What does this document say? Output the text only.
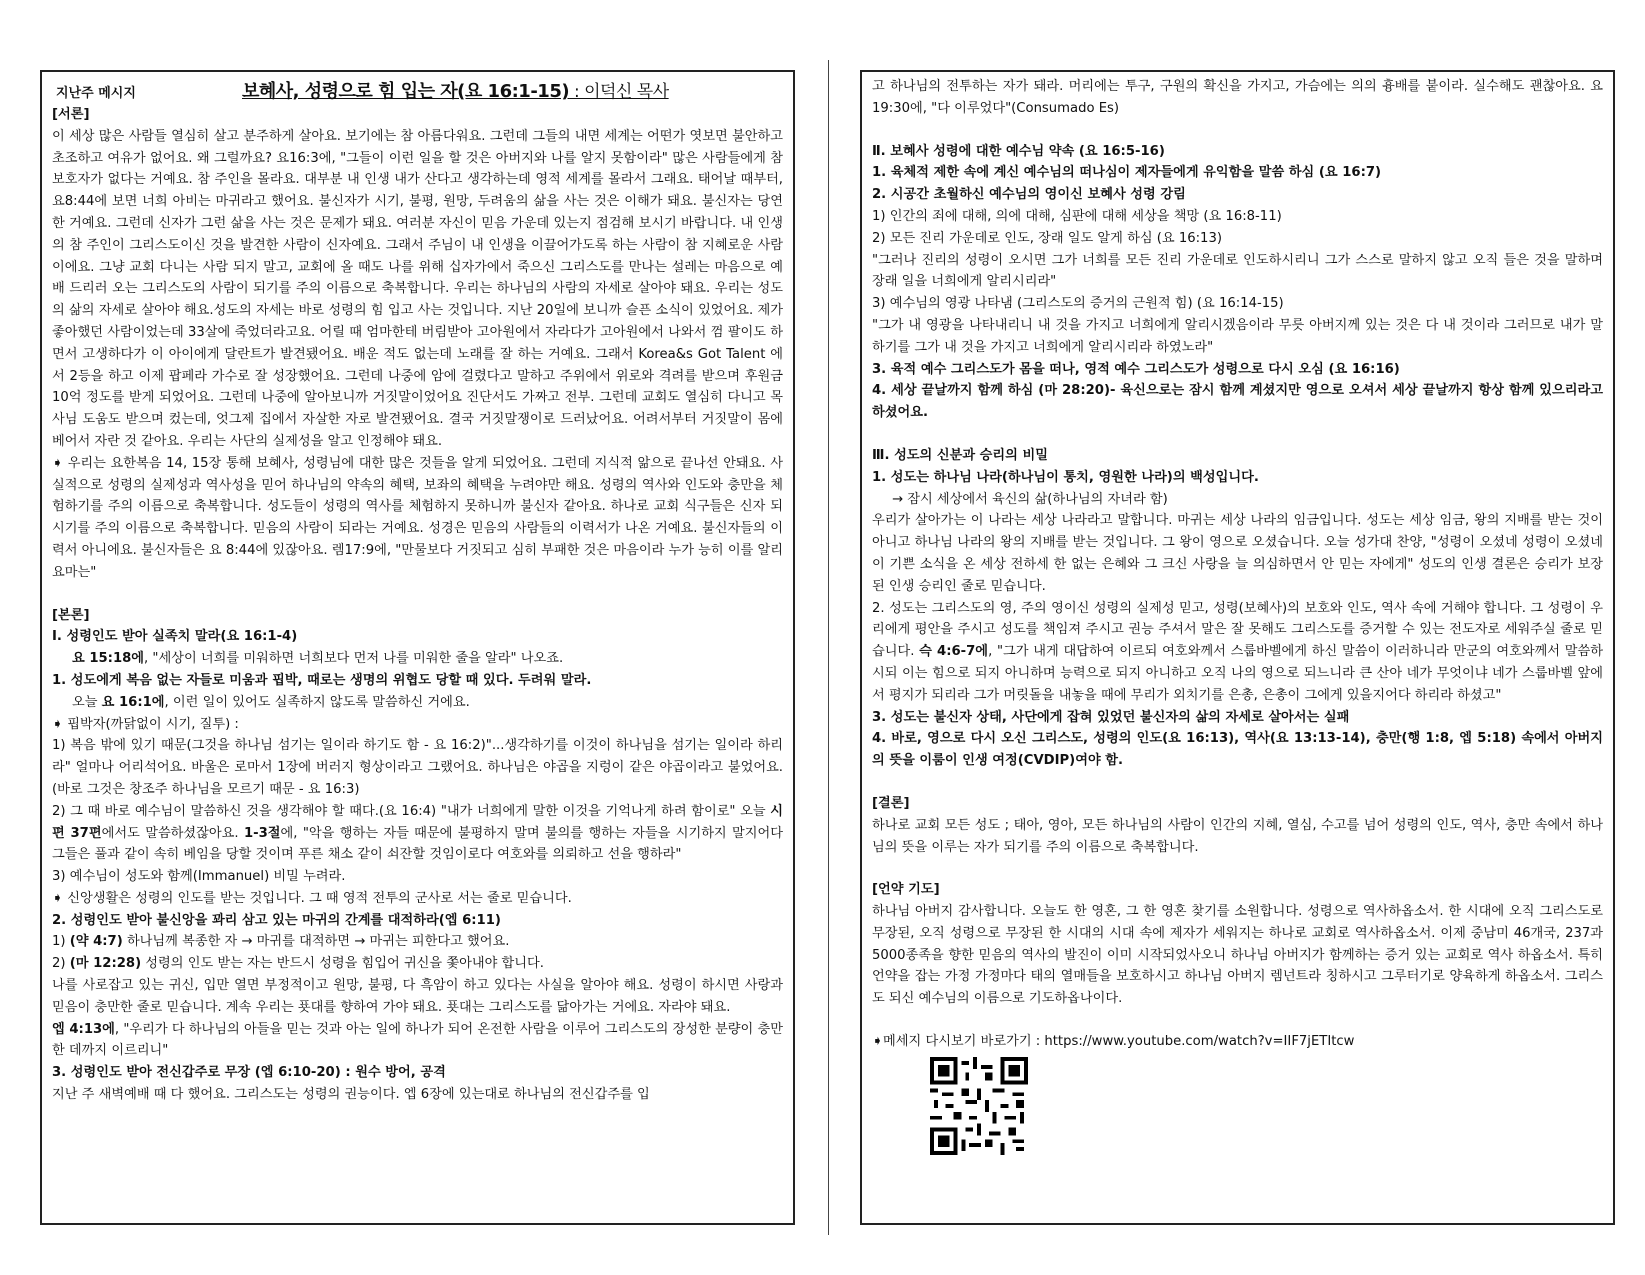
지난주 메시지	보혜사, 성령으로 힘 입는 자(요 16:1-15) : 이덕신 목사
[서론]
이 세상 많은 사람들 열심히 살고 분주하게 살아요. 보기에는 참 아름다워요. 그런데 그들의 내면 세계는 어떤가 엿보면 불안하고 초조하고 여유가 없어요. 왜 그럴까요? 요16:3에, "그들이 이런 일을 할 것은 아버지와 나를 알지 못함이라" 많은 사람들에게 참 보호자가 없다는 거예요. 참 주인을 몰라요. 대부분 내 인생 내가 산다고 생각하는데 영적 세계를 몰라서 그래요. 태어날 때부터, 요8:44에 보면 너희 아비는 마귀라고 했어요. 불신자가 시기, 불평, 원망, 두려움의 삶을 사는 것은 이해가 돼요. 불신자는 당연한 거예요. 그런데 신자가 그런 삶을 사는 것은 문제가 돼요. 여러분 자신이 믿음 가운데 있는지 점검해 보시기 바랍니다. 내 인생의 참 주인이 그리스도이신 것을 발견한 사람이 신자예요. 그래서 주님이 내 인생을 이끌어가도록 하는 사람이 참 지혜로운 사람이에요. 그냥 교회 다니는 사람 되지 말고, 교회에 올 때도 나를 위해 십자가에서 죽으신 그리스도를 만나는 설레는 마음으로 예배 드리러 오는 그리스도의 사람이 되기를 주의 이름으로 축복합니다. 우리는 하나님의 사람의 자세로 살아야 돼요. 우리는 성도의 삶의 자세로 살아야 해요.성도의 자세는 바로 성령의 힘 입고 사는 것입니다. 지난 20일에 보니까 슬픈 소식이 있었어요. 제가 좋아했던 사람이었는데 33살에 죽었더라고요. 어릴 때 엄마한테 버림받아 고아원에서 자라다가 고아원에서 나와서 껌 팔이도 하면서 고생하다가 이 아이에게 달란트가 발견됐어요. 배운 적도 없는데 노래를 잘 하는 거예요. 그래서 Korea&s Got Talent 에서 2등을 하고 이제 팝페라 가수로 잘 성장했어요. 그런데 나중에 암에 걸렸다고 말하고 주위에서 위로와 격려를 받으며 후원금 10억 정도를 받게 되었어요. 그런데 나중에 알아보니까 거짓말이었어요 진단서도 가짜고 전부. 그런데 교회도 열심히 다니고 목사님 도움도 받으며 컸는데, 엇그제 집에서 자살한 자로 발견됐어요. 결국 거짓말쟁이로 드러났어요. 어려서부터 거짓말이 몸에 베어서 자란 것 같아요. 우리는 사단의 실제성을 알고 인정해야 돼요.
➧ 우리는 요한복음 14, 15장 통해 보혜사, 성령님에 대한 많은 것들을 알게 되었어요. 그런데 지식적 앎으로 끝나선 안돼요. 사실적으로 성령의 실제성과 역사성을 믿어 하나님의 약속의 혜택, 보좌의 혜택을 누려야만 해요. 성령의 역사와 인도와 충만을 체험하기를 주의 이름으로 축복합니다. 성도들이 성령의 역사를 체험하지 못하니까 불신자 같아요. 하나로 교회 식구들은 신자 되시기를 주의 이름으로 축복합니다. 믿음의 사람이 되라는 거예요. 성경은 믿음의 사람들의 이력서가 나온 거예요. 불신자들의 이력서 아니에요. 불신자들은 요 8:44에 있잖아요. 렘17:9에, "만물보다 거짓되고 심히 부패한 것은 마음이라 누가 능히 이를 알리요마는"
[본론]
Ⅰ. 성령인도 받아 실족치 말라(요 16:1-4)
요 15:18에, "세상이 너희를 미워하면 너희보다 먼저 나를 미워한 줄을 알라" 나오죠.
1. 성도에게 복음 없는 자들로 미움과 핍박, 때로는 생명의 위협도 당할 때 있다. 두려워 말라.
오늘 요 16:1에, 이런 일이 있어도 실족하지 않도록 말씀하신 거에요.
➧ 핍박자(까닭없이 시기, 질투) :
1) 복음 밖에 있기 때문(그것을 하나님 섬기는 일이라 하기도 함 - 요 16:2)"...생각하기를 이것이 하나님을 섬기는 일이라 하리라" 얼마나 어리석어요. 바울은 로마서 1장에 버러지 형상이라고 그랬어요. 하나님은 야곱을 지렁이 같은 야곱이라고 불었어요. (바로 그것은 창조주 하나님을 모르기 때문 - 요 16:3)
2) 그 때 바로 예수님이 말씀하신 것을 생각해야 할 때다.(요 16:4) "내가 너희에게 말한 이것을 기억나게 하려 함이로" 오늘 시편 37편에서도 말씀하셨잖아요. 1-3절에, "악을 행하는 자들 때문에 불평하지 말며 불의를 행하는 자들을 시기하지 말지어다 그들은 풀과 같이 속히 베임을 당할 것이며 푸른 채소 같이 쇠잔할 것임이로다 여호와를 의뢰하고 선을 행하라"
3) 예수님이 성도와 함께(Immanuel) 비밀 누려라.
➧ 신앙생활은 성령의 인도를 받는 것입니다. 그 때 영적 전투의 군사로 서는 줄로 믿습니다.
2. 성령인도 받아 불신앙을 꽈리 삼고 있는 마귀의 간계를 대적하라(엡 6:11)
1) (약 4:7) 하나님께 복종한 자 → 마귀를 대적하면 → 마귀는 피한다고 했어요.
2) (마 12:28) 성령의 인도 받는 자는 반드시 성령을 힘입어 귀신을 쫓아내야 합니다.
나를 사로잡고 있는 귀신, 입만 열면 부정적이고 원망, 불평, 다 흑암이 하고 있다는 사실을 알아야 해요. 성령이 하시면 사랑과 믿음이 충만한 줄로 믿습니다. 계속 우리는 푯대를 향하여 가야 돼요. 푯대는 그리스도를 닮아가는 거에요. 자라야 돼요.
엡 4:13에, "우리가 다 하나님의 아들을 믿는 것과 아는 일에 하나가 되어 온전한 사람을 이루어 그리스도의 장성한 분량이 충만한 데까지 이르리니"
3. 성령인도 받아 전신갑주로 무장 (엡 6:10-20) : 원수 방어, 공격
지난 주 새벽예배 때 다 했어요. 그리스도는 성령의 권능이다. 엡 6장에 있는대로 하나님의 전신갑주를 입
고 하나님의 전투하는 자가 돼라. 머리에는 투구, 구원의 확신을 가지고, 가슴에는 의의 흉배를 붙이라. 실수해도 괜찮아요. 요 19:30에, "다 이루었다"(Consumado Es)
Ⅱ. 보혜사 성령에 대한 예수님 약속 (요 16:5-16)
1. 육체적 제한 속에 계신 예수님의 떠나심이 제자들에게 유익함을 말씀 하심 (요 16:7)
2. 시공간 초월하신 예수님의 영이신 보혜사 성령 강림
1) 인간의 죄에 대해, 의에 대해, 심판에 대해 세상을 책망 (요 16:8-11)
2) 모든 진리 가운데로 인도, 장래 일도 알게 하심 (요 16:13)
"그러나 진리의 성령이 오시면 그가 너희를 모든 진리 가운데로 인도하시리니 그가 스스로 말하지 않고 오직 들은 것을 말하며 장래 일을 너희에게 알리시리라"
3) 예수님의 영광 나타냄 (그리스도의 증거의 근원적 힘) (요 16:14-15)
"그가 내 영광을 나타내리니 내 것을 가지고 너희에게 알리시겠음이라 무릇 아버지께 있는 것은 다 내 것이라 그러므로 내가 말하기를 그가 내 것을 가지고 너희에게 알리시리라 하였노라"
3. 육적 예수 그리스도가 몸을 떠나, 영적 예수 그리스도가 성령으로 다시 오심 (요 16:16)
4. 세상 끝날까지 함께 하심 (마 28:20)- 육신으로는 잠시 함께 계셨지만 영으로 오셔서 세상 끝날까지 항상 함께 있으리라고 하셨어요.
Ⅲ. 성도의 신분과 승리의 비밀
1. 성도는 하나님 나라(하나님이 통치, 영원한 나라)의 백성입니다.
→ 잠시 세상에서 육신의 삶(하나님의 자녀라 함)
우리가 살아가는 이 나라는 세상 나라라고 말합니다. 마귀는 세상 나라의 임금입니다. 성도는 세상 임금, 왕의 지배를 받는 것이 아니고 하나님 나라의 왕의 지배를 받는 것입니다. 그 왕이 영으로 오셨습니다. 오늘 성가대 찬양, "성령이 오셨네 성령이 오셨네 이 기쁜 소식을 온 세상 전하세 한 없는 은혜와 그 크신 사랑을 늘 의심하면서 안 믿는 자에게" 성도의 인생 결론은 승리가 보장된 인생 승리인 줄로 믿습니다.
2. 성도는 그리스도의 영, 주의 영이신 성령의 실제성 믿고, 성령(보혜사)의 보호와 인도, 역사 속에 거해야 합니다. 그 성령이 우리에게 평안을 주시고 성도를 책임져 주시고 권능 주셔서 말은 잘 못해도 그리스도를 증거할 수 있는 전도자로 세워주실 줄로 믿습니다. 슥 4:6-7에, "그가 내게 대답하여 이르되 여호와께서 스룹바벨에게 하신 말씀이 이러하니라 만군의 여호와께서 말씀하시되 이는 힘으로 되지 아니하며 능력으로 되지 아니하고 오직 나의 영으로 되느니라 큰 산아 네가 무엇이냐 네가 스룹바벨 앞에서 평지가 되리라 그가 머릿돌을 내놓을 때에 무리가 외치기를 은총, 은총이 그에게 있을지어다 하리라 하셨고"
3. 성도는 불신자 상태, 사단에게 잡혀 있었던 불신자의 삶의 자세로 살아서는 실패
4. 바로, 영으로 다시 오신 그리스도, 성령의 인도(요 16:13), 역사(요 13:13-14), 충만(행 1:8, 엡 5:18) 속에서 아버지의 뜻을 이룸이 인생 여정(CVDIP)여야 함.
[결론]
하나로 교회 모든 성도 ; 태아, 영아, 모든 하나님의 사람이 인간의 지혜, 열심, 수고를 넘어 성령의 인도, 역사, 충만 속에서 하나님의 뜻을 이루는 자가 되기를 주의 이름으로 축복합니다.
[언약 기도]
하나님 아버지 감사합니다. 오늘도 한 영혼, 그 한 영혼 찾기를 소원합니다. 성령으로 역사하옵소서. 한 시대에 오직 그리스도로 무장된, 오직 성령으로 무장된 한 시대의 시대 속에 제자가 세워지는 하나로 교회로 역사하옵소서. 이제 중남미 46개국, 237과 5000종족을 향한 믿음의 역사의 발진이 이미 시작되었사오니 하나님 아버지가 함께하는 증거 있는 교회로 역사 하옵소서. 특히 언약을 잡는 가정 가정마다 태의 열매들을 보호하시고 하나님 아버지 렘넌트라 칭하시고 그루터기로 양육하게 하옵소서. 그리스도 되신 예수님의 이름으로 기도하옵나이다.
➧메세지 다시보기 바로가기 : https://www.youtube.com/watch?v=IIF7jETItcw
